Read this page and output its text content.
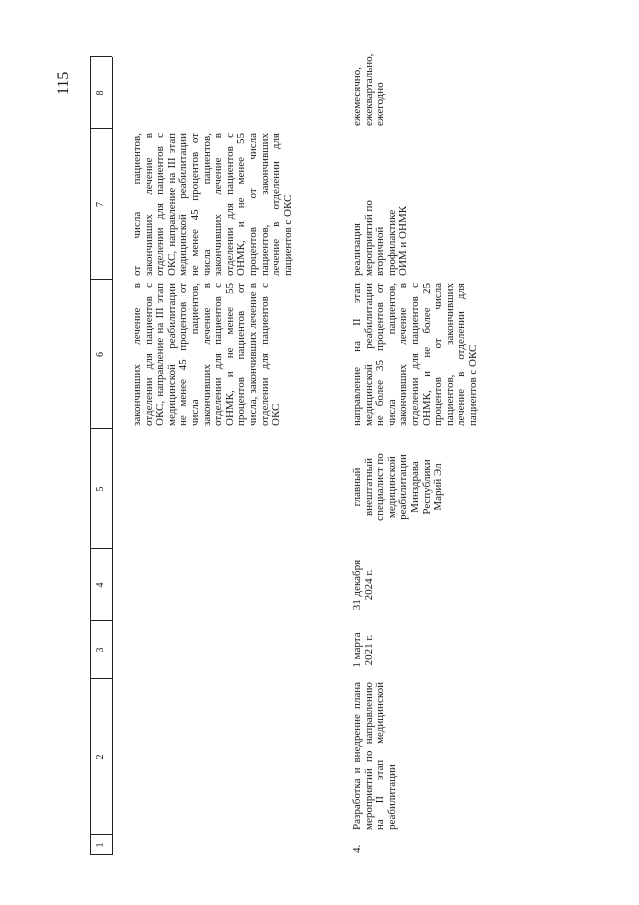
115
1
2
3
4
5
6
7
8
закончивших лечение в отделении для пациентов с ОКС, направление на III этап медицинской реабилитации не менее 45 процентов от числа пациентов, закончивших лечение в отделении для пациентов с ОНМК, и не менее 55 процентов пациентов от числа, закончивших лечение в отделении для пациентов с ОКС
от числа пациентов, закончивших лечение в отделении для пациентов с ОКС, направление на III этап медицинской реабилитации не менее 45 процентов от числа пациентов, закончивших лечение в отделении для пациентов с ОНМК, и не менее 55 процентов от числа пациентов, закончивших лечение в отделении для пациентов с ОКС
4.
Разработка и внедрение плана мероприятий по направлению на II этап медицинской реабилитации
1 марта 2021 г.
31 декабря 2024 г.
главный внештатный специалист по медицинской реабилитации Минздрава Республики Марий Эл
направление на II этап медицинской реабилитации не более 35 процентов от числа пациентов, закончивших лечение в отделении для пациентов с ОНМК, и не более 25 процентов от числа пациентов, закончивших лечение в отделении для пациентов с ОКС
реализация мероприятий по вторичной профилактике ОИМ и ОНМК
ежемесячно, ежеквартально, ежегодно
